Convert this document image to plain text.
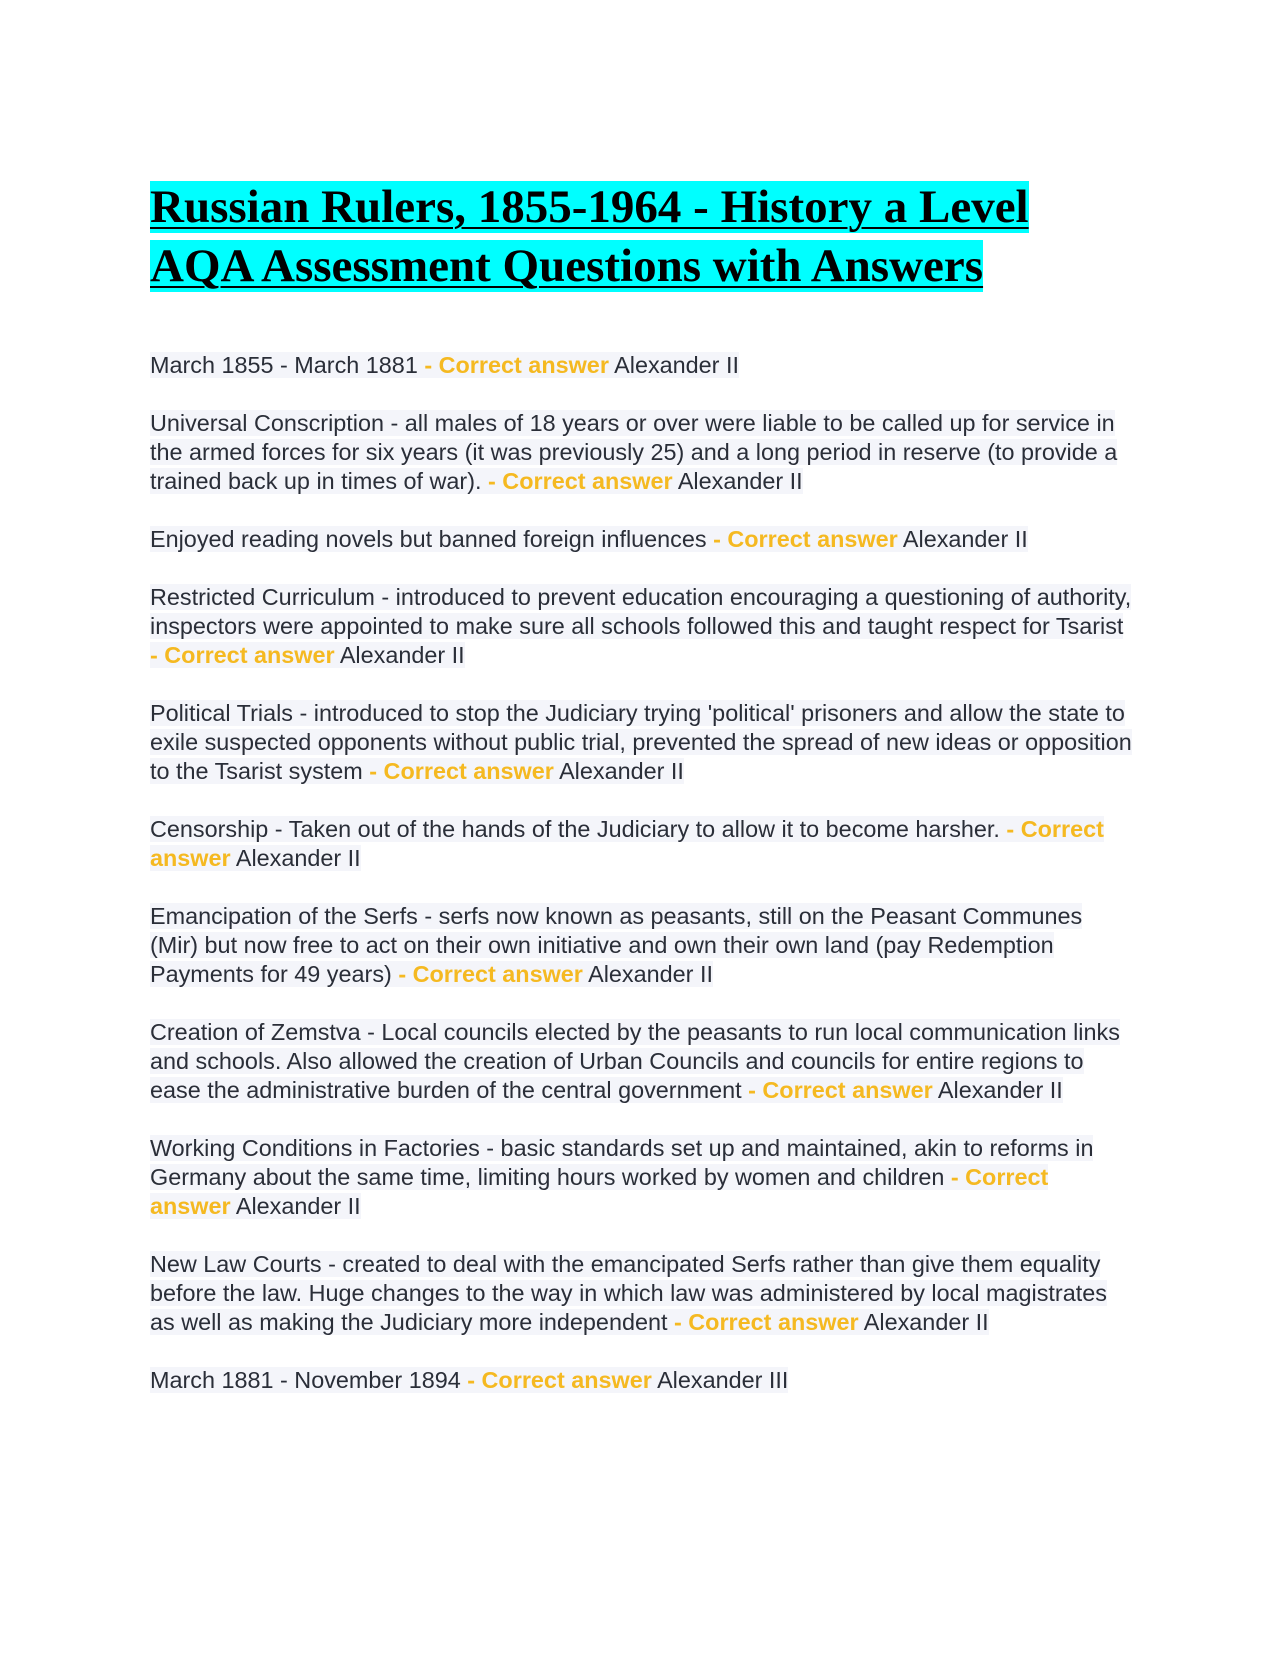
Russian Rulers, 1855-1964 - History a Level AQA Assessment Questions with Answers

March 1855 - March 1881 - Correct answer Alexander II

Universal Conscription - all males of 18 years or over were liable to be called up for service in the armed forces for six years (it was previously 25) and a long period in reserve (to provide a trained back up in times of war). - Correct answer Alexander II

Enjoyed reading novels but banned foreign influences - Correct answer Alexander II

Restricted Curriculum - introduced to prevent education encouraging a questioning of authority, inspectors were appointed to make sure all schools followed this and taught respect for Tsarist - Correct answer Alexander II

Political Trials - introduced to stop the Judiciary trying 'political' prisoners and allow the state to exile suspected opponents without public trial, prevented the spread of new ideas or opposition to the Tsarist system - Correct answer Alexander II

Censorship - Taken out of the hands of the Judiciary to allow it to become harsher. - Correct answer Alexander II

Emancipation of the Serfs - serfs now known as peasants, still on the Peasant Communes (Mir) but now free to act on their own initiative and own their own land (pay Redemption Payments for 49 years) - Correct answer Alexander II

Creation of Zemstva - Local councils elected by the peasants to run local communication links and schools. Also allowed the creation of Urban Councils and councils for entire regions to ease the administrative burden of the central government - Correct answer Alexander II

Working Conditions in Factories - basic standards set up and maintained, akin to reforms in Germany about the same time, limiting hours worked by women and children - Correct answer Alexander II

New Law Courts - created to deal with the emancipated Serfs rather than give them equality before the law. Huge changes to the way in which law was administered by local magistrates as well as making the Judiciary more independent - Correct answer Alexander II

March 1881 - November 1894 - Correct answer Alexander III
